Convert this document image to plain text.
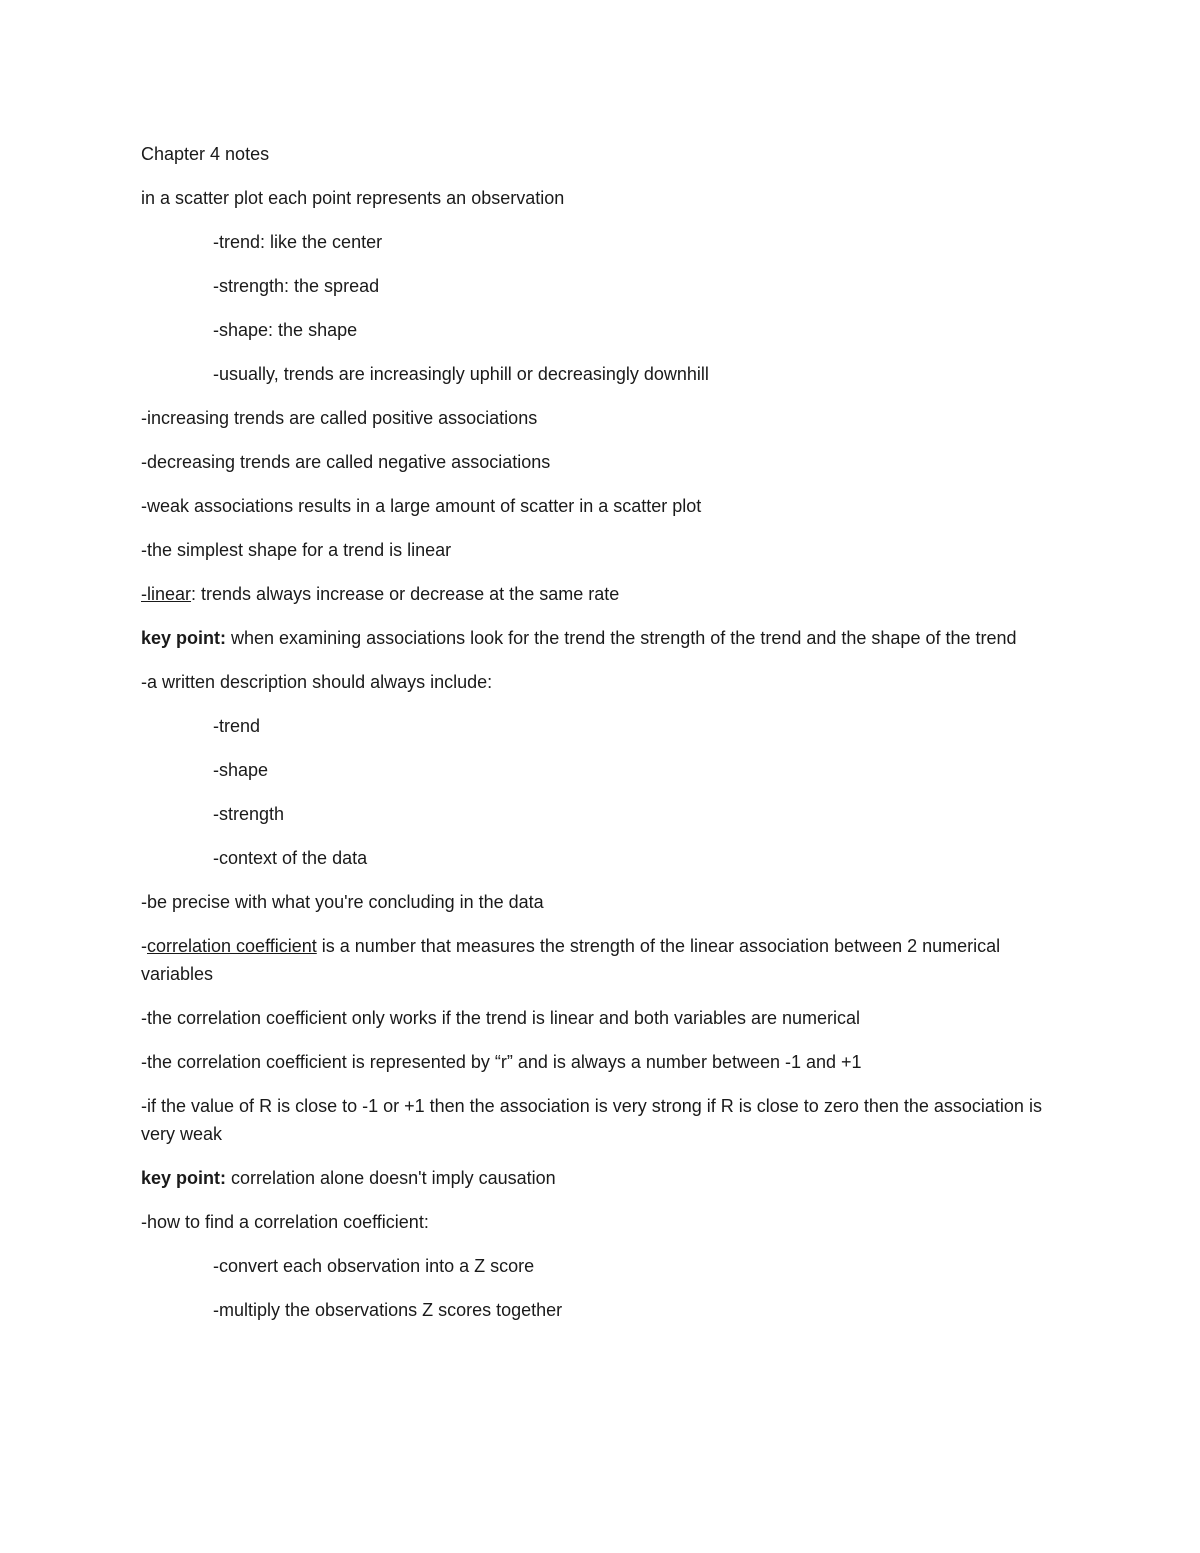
Chapter 4 notes

in a scatter plot each point represents an observation

-trend: like the center

-strength: the spread

-shape: the shape

-usually, trends are increasingly uphill or decreasingly downhill

-increasing trends are called positive associations

-decreasing trends are called negative associations

-weak associations results in a large amount of scatter in a scatter plot

-the simplest shape for a trend is linear

-linear: trends always increase or decrease at the same rate

key point: when examining associations look for the trend the strength of the trend and the shape of the trend

-a written description should always include:

-trend

-shape

-strength

-context of the data

-be precise with what you're concluding in the data

-correlation coefficient is a number that measures the strength of the linear association between 2 numerical variables

-the correlation coefficient only works if the trend is linear and both variables are numerical

-the correlation coefficient is represented by “r” and is always a number between -1 and +1

-if the value of R is close to -1 or +1 then the association is very strong if R is close to zero then the association is very weak

key point: correlation alone doesn't imply causation

-how to find a correlation coefficient:

-convert each observation into a Z score

-multiply the observations Z scores together
